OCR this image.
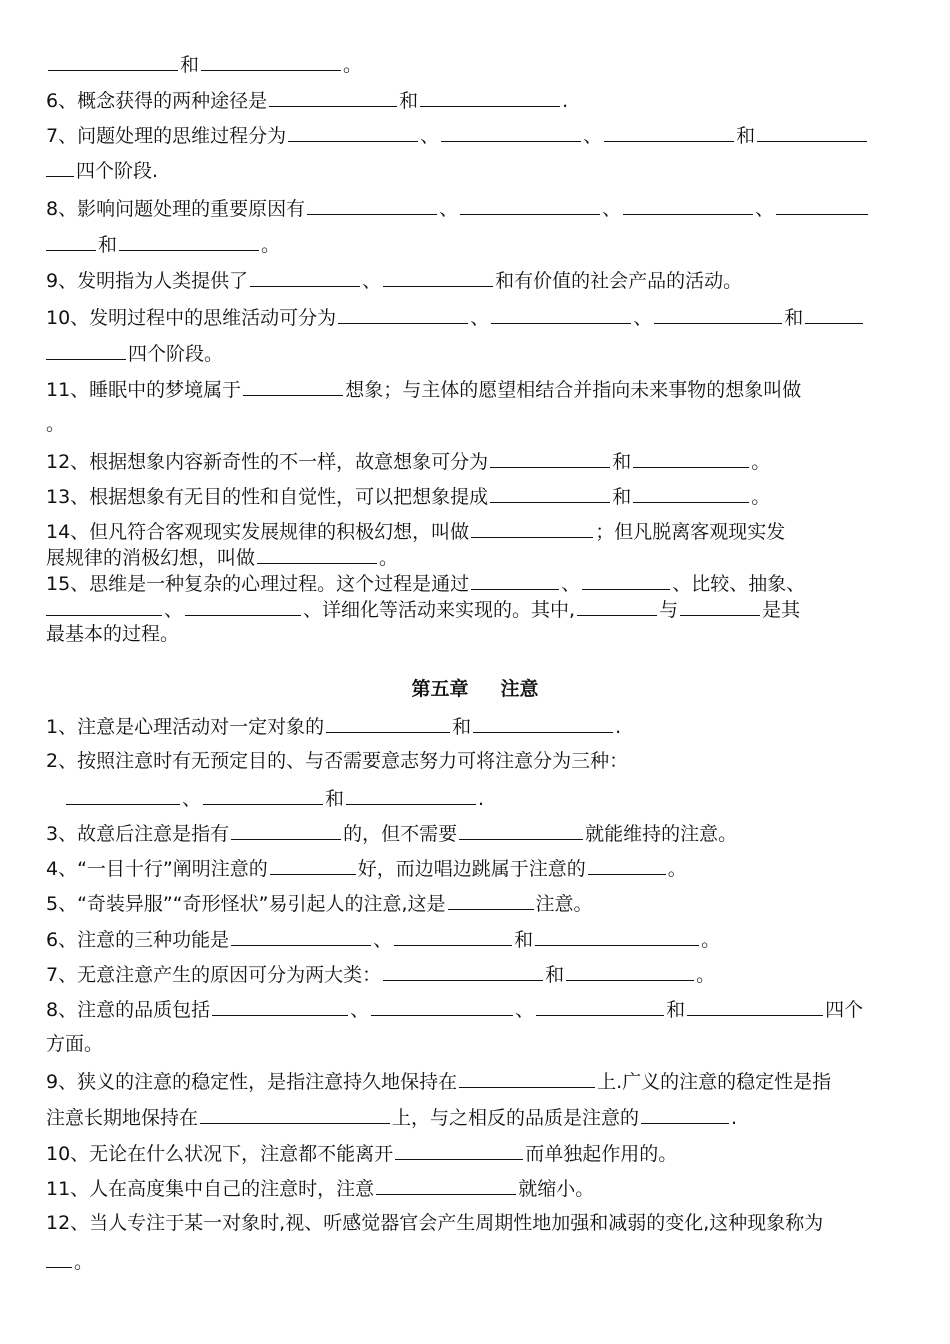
和	。
6、概念获得的两种途径是	和	.
7、问题处理的思维过程分为	、	、	和
四个阶段.
8、影响问题处理的重要原因有	、	、	、
和	。
9、发明指为人类提供了	、	和有价值的社会产品的活动。
10、发明过程中的思维活动可分为	、	、	和
四个阶段。
11、睡眠中的梦境属于	想象；与主体的愿望相结合并指向未来事物的想象叫做
。
12、根据想象内容新奇性的不一样，故意想象可分为	和	。
13、根据想象有无目的性和自觉性，可以把想象提成	和	。
14、但凡符合客观现实发展规律的积极幻想，叫做	；但凡脱离客观现实发
展规律的消极幻想，叫做	。
15、思维是一种复杂的心理过程。这个过程是通过	、	、比较、抽象、
、	、详细化等活动来实现的。其中,	与	是其
最基本的过程。
第五章 注意
1、注意是心理活动对一定对象的	和	.
2、按照注意时有无预定目的、与否需要意志努力可将注意分为三种：
、	和	.
3、故意后注意是指有	的，但不需要	就能维持的注意。
4、“一目十行”阐明注意的	好，而边唱边跳属于注意的	。
5、“奇装异服”“奇形怪状”易引起人的注意,这是	注意。
6、注意的三种功能是	、	和	。
7、无意注意产生的原因可分为两大类：	和	。
8、注意的品质包括	、	、	和	四个
方面。
9、狭义的注意的稳定性，是指注意持久地保持在	上.广义的注意的稳定性是指
注意长期地保持在	上，与之相反的品质是注意的	.
10、无论在什么状况下，注意都不能离开	而单独起作用的。
11、人在高度集中自己的注意时，注意	就缩小。
12、当人专注于某一对象时,视、听感觉器官会产生周期性地加强和减弱的变化,这种现象称为
。
